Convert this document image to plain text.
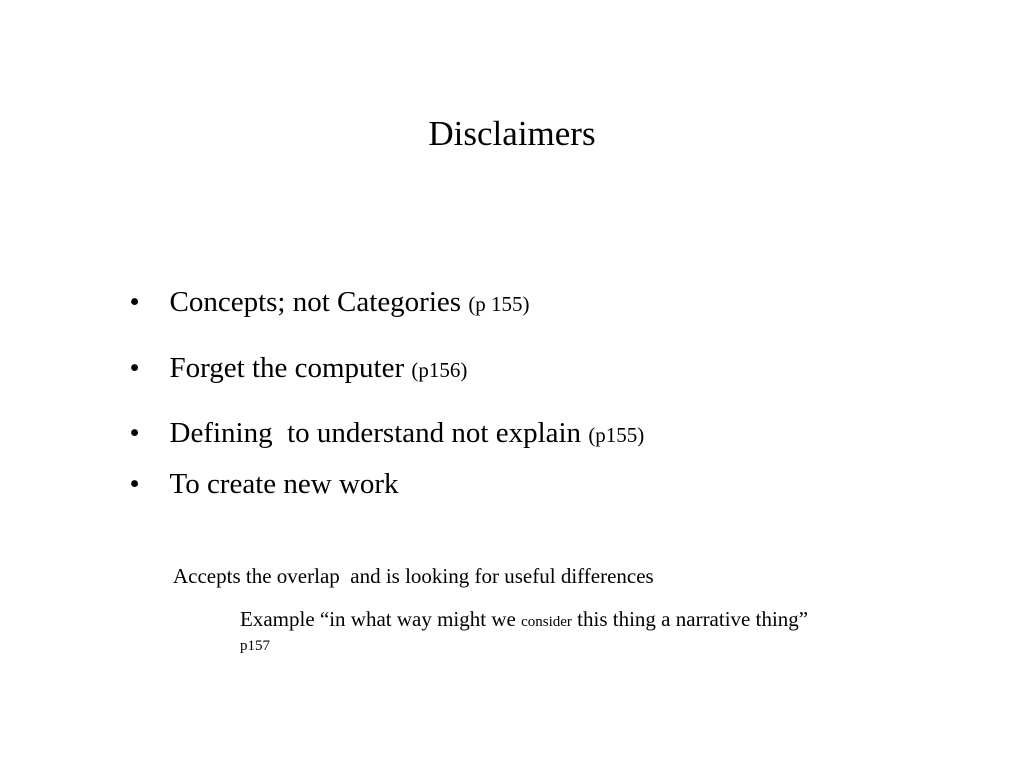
Disclaimers

• Concepts; not Categories (p 155)

• Forget the computer (p156)

• Defining  to understand not explain (p155)

• To create new work

Accepts the overlap  and is looking for useful differences
Example “in what way might we consider this thing a narrative thing”
p157
